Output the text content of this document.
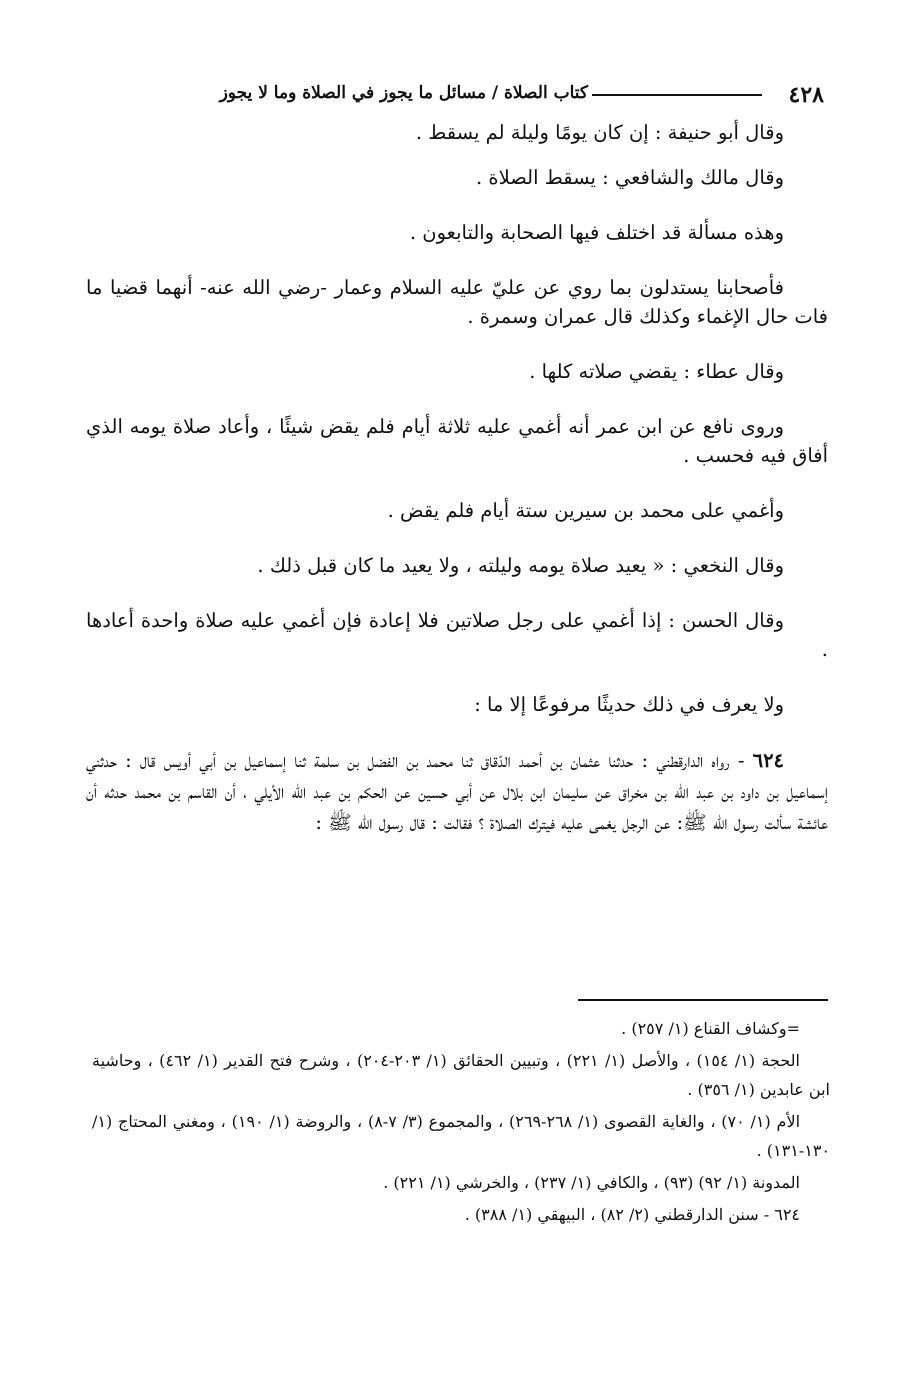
٤٢٨
كتاب الصلاة / مسائل ما يجوز في الصلاة وما لا يجوز

وقال أبو حنيفة : إن كان يومًا وليلة لم يسقط .

وقال مالك والشافعي : يسقط الصلاة .

وهذه مسألة قد اختلف فيها الصحابة والتابعون .

فأصحابنا يستدلون بما روي عن عليّ عليه السلام وعمار -رضي الله عنه- أنهما قضيا ما فات حال الإغماء وكذلك قال عمران وسمرة .

وقال عطاء : يقضي صلاته كلها .

وروى نافع عن ابن عمر أنه أغمي عليه ثلاثة أيام فلم يقض شيئًا ، وأعاد صلاة يومه الذي أفاق فيه فحسب .

وأغمي على محمد بن سيرين ستة أيام فلم يقض .

وقال النخعي : « يعيد صلاة يومه وليلته ، ولا يعيد ما كان قبل ذلك .

وقال الحسن : إذا أغمي على رجل صلاتين فلا إعادة فإن أغمي عليه صلاة واحدة أعادها .

ولا يعرف في ذلك حديثًا مرفوعًا إلا ما :

٦٢٤ - رواه الدارقطني : حدثنا عثمان بن أحمد الدّقاق ثنا محمد بن الفضل بن سلمة ثنا إسماعيل بن أبي أويس قال : حدثني إسماعيل بن داود بن عبد الله بن مخراق عن سليمان ابن بلال عن أبي حسين عن الحكم بن عبد الله الأيلي ، أن القاسم بن محمد حدثه أن عائشة سألت رسول الله ﷺ: عن الرجل يغمى عليه فيترك الصلاة ؟ فقالت : قال رسول الله ﷺ :

=وكشاف القناع (١/ ٢٥٧) .

الحجة (١/ ١٥٤) ، والأصل (١/ ٢٢١) ، وتبيين الحقائق (١/ ٢٠٣-٢٠٤) ، وشرح فتح القدير (١/ ٤٦٢) ، وحاشية ابن عابدين (١/ ٣٥٦) .

الأم (١/ ٧٠) ، والغاية القصوى (١/ ٢٦٨-٢٦٩) ، والمجموع (٣/ ٧-٨) ، والروضة (١/ ١٩٠) ، ومغني المحتاج (١/ ١٣٠-١٣١) .

المدونة (١/ ٩٢) (٩٣) ، والكافي (١/ ٢٣٧) ، والخرشي (١/ ٢٢١) .

٦٢٤ - سنن الدارقطني (٢/ ٨٢) ، البيهقي (١/ ٣٨٨) .
